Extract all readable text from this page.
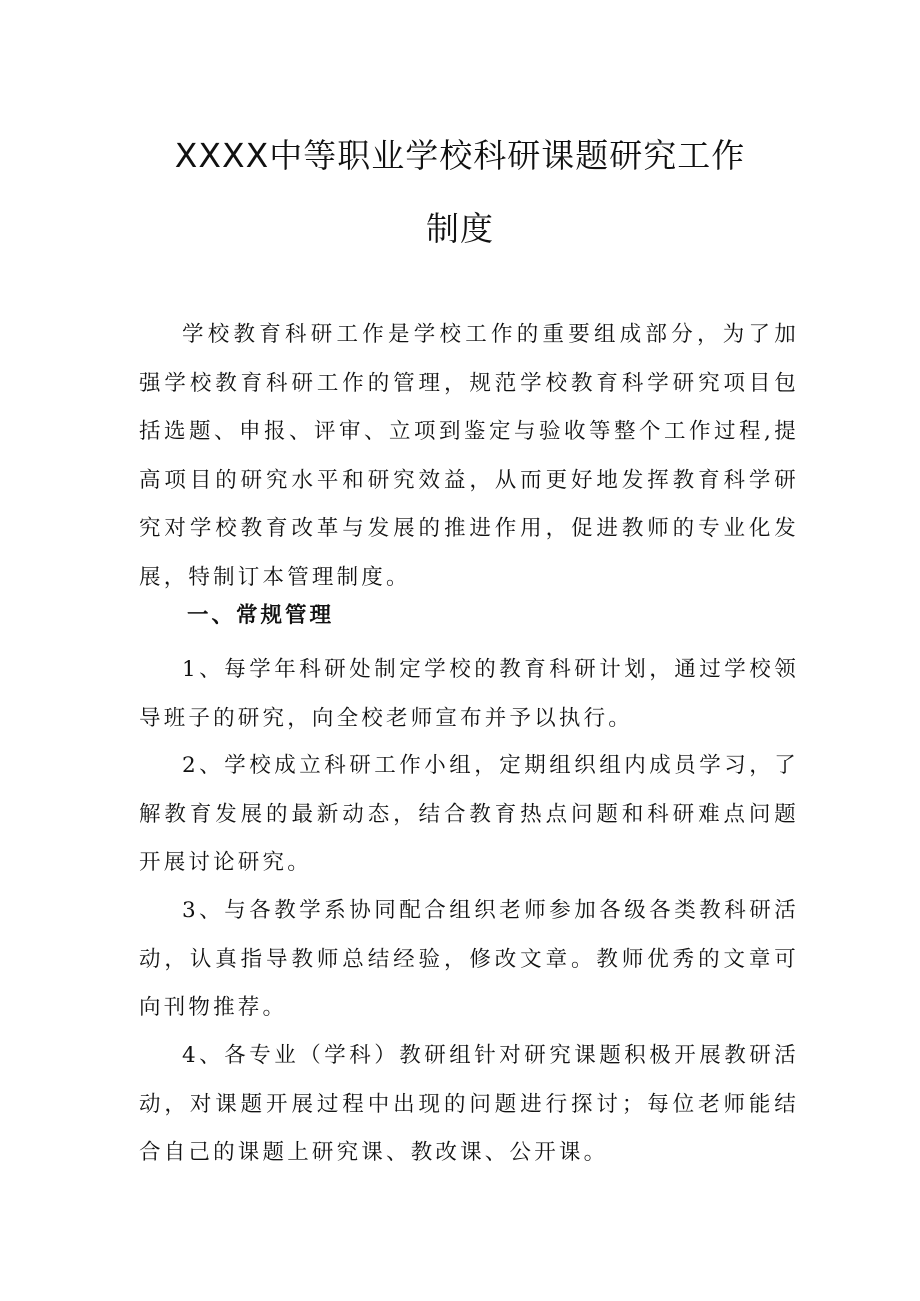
XXXX中等职业学校科研课题研究工作
制度

学校教育科研工作是学校工作的重要组成部分，为了加强学校教育科研工作的管理，规范学校教育科学研究项目包括选题、申报、评审、立项到鉴定与验收等整个工作过程,提高项目的研究水平和研究效益，从而更好地发挥教育科学研究对学校教育改革与发展的推进作用，促进教师的专业化发展，特制订本管理制度。

一、常规管理

1、每学年科研处制定学校的教育科研计划，通过学校领导班子的研究，向全校老师宣布并予以执行。

2、学校成立科研工作小组，定期组织组内成员学习，了解教育发展的最新动态，结合教育热点问题和科研难点问题开展讨论研究。

3、与各教学系协同配合组织老师参加各级各类教科研活动，认真指导教师总结经验，修改文章。教师优秀的文章可向刊物推荐。

4、各专业（学科）教研组针对研究课题积极开展教研活动，对课题开展过程中出现的问题进行探讨；每位老师能结合自己的课题上研究课、教改课、公开课。
